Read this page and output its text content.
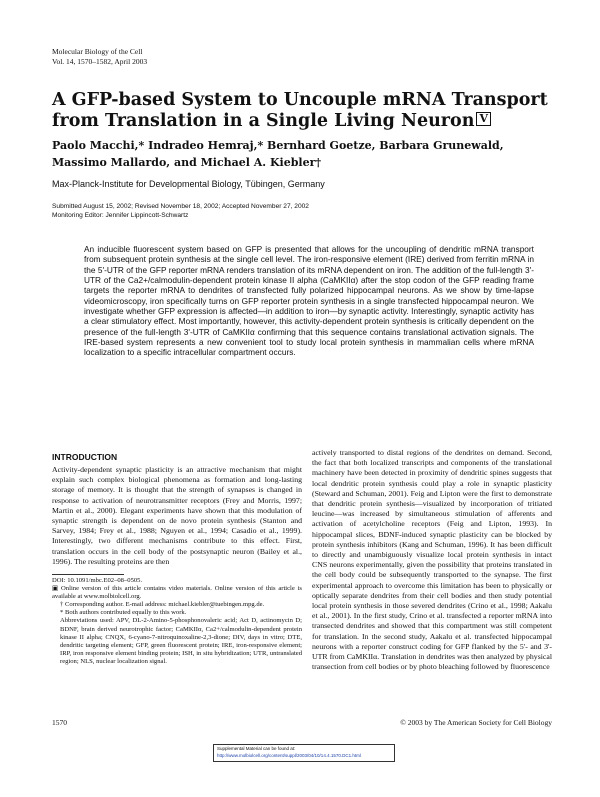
Molecular Biology of the Cell
Vol. 14, 1570–1582, April 2003
A GFP-based System to Uncouple mRNA Transport from Translation in a Single Living Neuron V
Paolo Macchi,* Indradeo Hemraj,* Bernhard Goetze, Barbara Grunewald,
Massimo Mallardo, and Michael A. Kiebler†
Max-Planck-Institute for Developmental Biology, Tübingen, Germany
Submitted August 15, 2002; Revised November 18, 2002; Accepted November 27, 2002
Monitoring Editor: Jennifer Lippincott-Schwartz
An inducible fluorescent system based on GFP is presented that allows for the uncoupling of dendritic mRNA transport from subsequent protein synthesis at the single cell level. The iron-responsive element (IRE) derived from ferritin mRNA in the 5'-UTR of the GFP reporter mRNA renders translation of its mRNA dependent on iron. The addition of the full-length 3'-UTR of the Ca2+/calmodulin-dependent protein kinase II alpha (CaMKIIα) after the stop codon of the GFP reading frame targets the reporter mRNA to dendrites of transfected fully polarized hippocampal neurons. As we show by time-lapse videomicroscopy, iron specifically turns on GFP reporter protein synthesis in a single transfected hippocampal neuron. We investigate whether GFP expression is affected—in addition to iron—by synaptic activity. Interestingly, synaptic activity has a clear stimulatory effect. Most importantly, however, this activity-dependent protein synthesis is critically dependent on the presence of the full-length 3'-UTR of CaMKIIα confirming that this sequence contains translational activation signals. The IRE-based system represents a new convenient tool to study local protein synthesis in mammalian cells where mRNA localization to a specific intracellular compartment occurs.
INTRODUCTION
Activity-dependent synaptic plasticity is an attractive mechanism that might explain such complex biological phenomena as formation and long-lasting storage of memory. It is thought that the strength of synapses is changed in response to activation of neurotransmitter receptors (Frey and Morris, 1997; Martin et al., 2000). Elegant experiments have shown that this modulation of synaptic strength is dependent on de novo protein synthesis (Stanton and Sarvey, 1984; Frey et al., 1988; Nguyen et al., 1994; Casadio et al., 1999). Interestingly, two different mechanisms contribute to this effect. First, translation occurs in the cell body of the postsynaptic neuron (Bailey et al., 1996). The resulting proteins are then
actively transported to distal regions of the dendrites on demand. Second, the fact that both localized transcripts and components of the translational machinery have been detected in proximity of dendritic spines suggests that local dendritic protein synthesis could play a role in synaptic plasticity (Steward and Schuman, 2001). Feig and Lipton were the first to demonstrate that dendritic protein synthesis—visualized by incorporation of tritiated leucine—was increased by simultaneous stimulation of afferents and activation of acetylcholine receptors (Feig and Lipton, 1993). In hippocampal slices, BDNF-induced synaptic plasticity can be blocked by protein synthesis inhibitors (Kang and Schuman, 1996). It has been difficult to directly and unambiguously visualize local protein synthesis in intact CNS neurons experimentally, given the possibility that proteins translated in the cell body could be subsequently transported to the synapse. The first experimental approach to overcome this limitation has been to physically or optically separate dendrites from their cell bodies and then study potential local protein synthesis in those severed dendrites (Crino et al., 1998; Aakalu et al., 2001). In the first study, Crino et al. transfected a reporter mRNA into transected dendrites and showed that this compartment was still competent for translation. In the second study, Aakalu et al. transfected hippocampal neurons with a reporter construct coding for GFP flanked by the 5'- and 3'-UTR from CaMKIIα. Translation in dendrites was then analyzed by physical transection from cell bodies or by photo bleaching followed by fluorescence
DOI: 10.1091/mbc.E02–08–0505.
▣ Online version of this article contains video materials. Online version of this article is available at www.molbiolcell.org.
† Corresponding author. E-mail address: michael.kiebler@tuebingen.mpg.de.
* Both authors contributed equally to this work.
Abbreviations used: APV, DL-2-Amino-5-phosphonovaleric acid; Act D, actinomycin D; BDNF, brain derived neurotrophic factor; CaMKIIα, Ca2+/calmodulin-dependent protein kinase II alpha; CNQX, 6-cyano-7-nitroquinoxaline-2,3-dione; DIV, days in vitro; DTE, dendritic targeting element; GFP, green fluorescent protein; IRE, iron-responsive element; IRP, iron responsive element binding protein; ISH, in situ hybridization; UTR, untranslated region; NLS, nuclear localization signal.
1570	© 2003 by The American Society for Cell Biology
Supplemental Material can be found at:
http://www.molbiolcell.org/content/suppl/2003/04/10/14.4.1570.DC1.html
